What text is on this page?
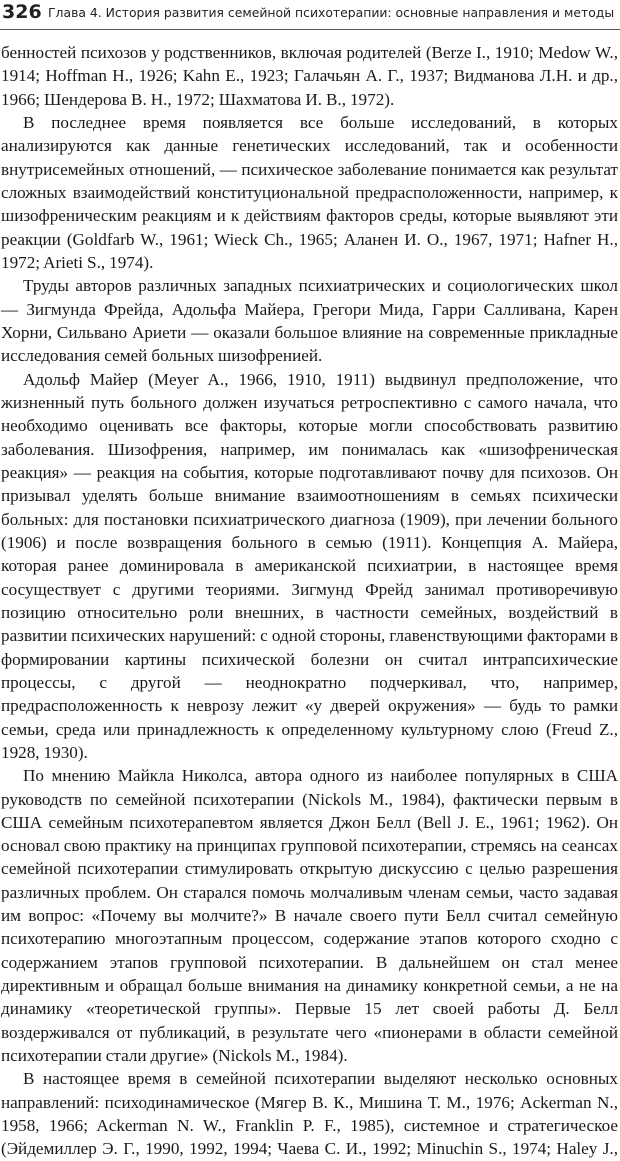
326 Глава 4. История развития семейной психотерапии: основные направления и методы

бенностей психозов у родственников, включая родителей (Berze I., 1910; Medow W., 1914; Hoffman H., 1926; Kahn E., 1923; Галачьян А. Г., 1937; Видманова Л.Н. и др., 1966; Шендерова В. Н., 1972; Шахматова И. В., 1972).

В последнее время появляется все больше исследований, в которых анализируются как данные генетических исследований, так и особенности внутрисемейных отношений, — психическое заболевание понимается как результат сложных взаимодействий конституциональной предрасположенности, например, к шизофреническим реакциям и к действиям факторов среды, которые выявляют эти реакции (Goldfarb W., 1961; Wieck Ch., 1965; Аланен И. О., 1967, 1971; Hafner H., 1972; Arieti S., 1974).

Труды авторов различных западных психиатрических и социологических школ — Зигмунда Фрейда, Адольфа Майера, Грегори Мида, Гарри Салливана, Карен Хорни, Сильвано Ариети — оказали большое влияние на современные прикладные исследования семей больных шизофренией.

Адольф Майер (Meyer A., 1966, 1910, 1911) выдвинул предположение, что жизненный путь больного должен изучаться ретроспективно с самого начала, что необходимо оценивать все факторы, которые могли способствовать развитию заболевания. Шизофрения, например, им понималась как «шизофреническая реакция» — реакция на события, которые подготавливают почву для психозов. Он призывал уделять больше внимание взаимоотношениям в семьях психически больных: для постановки психиатрического диагноза (1909), при лечении больного (1906) и после возвращения больного в семью (1911). Концепция А. Майера, которая ранее доминировала в американской психиатрии, в настоящее время сосуществует с другими теориями. Зигмунд Фрейд занимал противоречивую позицию относительно роли внешних, в частности семейных, воздействий в развитии психических нарушений: с одной стороны, главенствующими факторами в формировании картины психической болезни он считал интрапсихические процессы, с другой — неоднократно подчеркивал, что, например, предрасположенность к неврозу лежит «у дверей окружения» — будь то рамки семьи, среда или принадлежность к определенному культурному слою (Freud Z., 1928, 1930).

По мнению Майкла Николса, автора одного из наиболее популярных в США руководств по семейной психотерапии (Nickols M., 1984), фактически первым в США семейным психотерапевтом является Джон Белл (Bell J. E., 1961; 1962). Он основал свою практику на принципах групповой психотерапии, стремясь на сеансах семейной психотерапии стимулировать открытую дискуссию с целью разрешения различных проблем. Он старался помочь молчаливым членам семьи, часто задавая им вопрос: «Почему вы молчите?» В начале своего пути Белл считал семейную психотерапию многоэтапным процессом, содержание этапов которого сходно с содержанием этапов групповой психотерапии. В дальнейшем он стал менее директивным и обращал больше внимания на динамику конкретной семьи, а не на динамику «теоретической группы». Первые 15 лет своей работы Д. Белл воздерживался от публикаций, в результате чего «пионерами в области семейной психотерапии стали другие» (Nickols M., 1984).

В настоящее время в семейной психотерапии выделяют несколько основных направлений: психодинамическое (Мягер В. К., Мишина Т. М., 1976; Ackerman N., 1958, 1966; Ackerman N. W., Franklin P. F., 1985), системное и стратегическое (Эйдемиллер Э. Г., 1990, 1992, 1994; Чаева С. И., 1992; Minuchin S., 1974; Haley J.,
